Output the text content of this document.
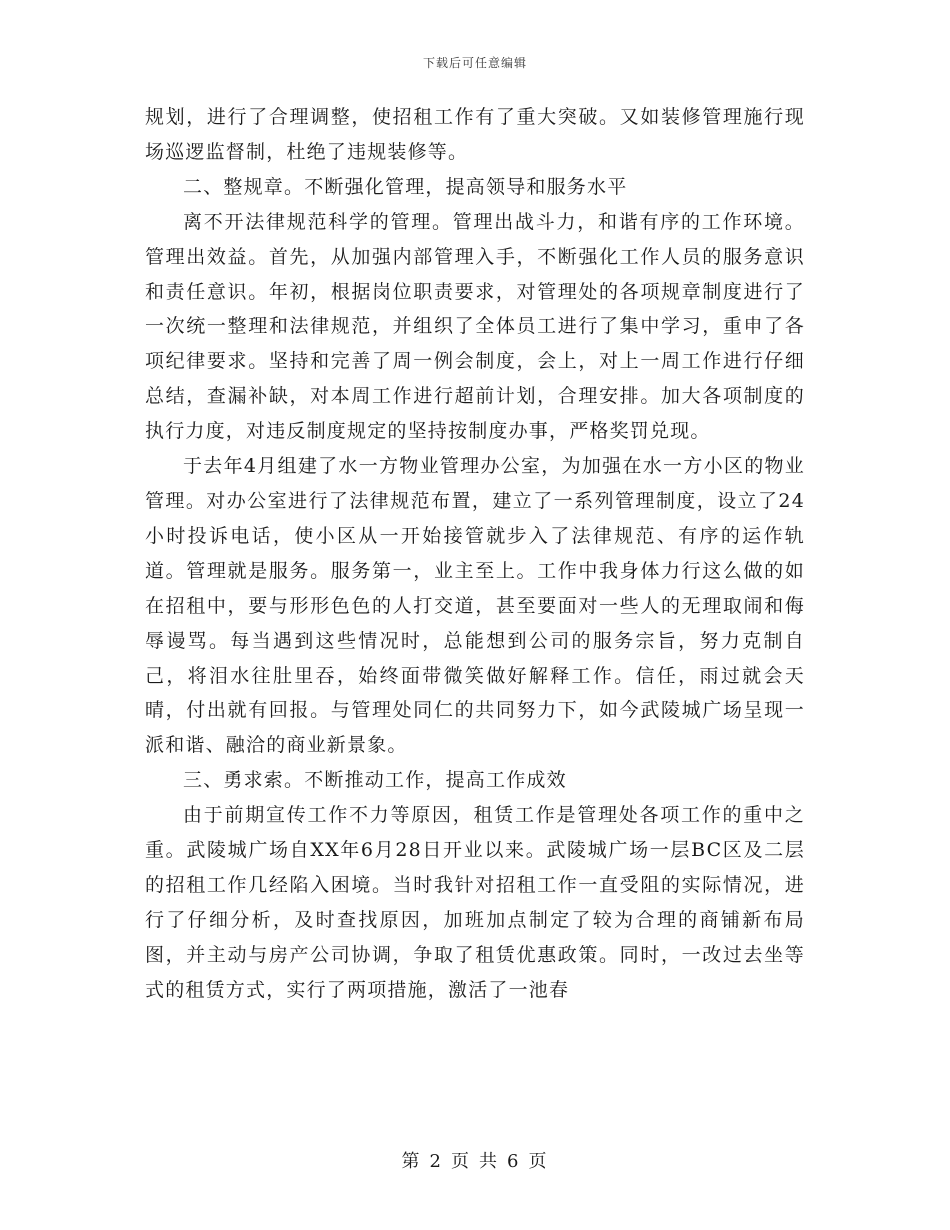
下载后可任意编辑

规划，进行了合理调整，使招租工作有了重大突破。又如装修管理施行现场巡逻监督制，杜绝了违规装修等。

二、整规章。不断强化管理，提高领导和服务水平

离不开法律规范科学的管理。管理出战斗力，和谐有序的工作环境。管理出效益。首先，从加强内部管理入手，不断强化工作人员的服务意识和责任意识。年初，根据岗位职责要求，对管理处的各项规章制度进行了一次统一整理和法律规范，并组织了全体员工进行了集中学习，重申了各项纪律要求。坚持和完善了周一例会制度，会上，对上一周工作进行仔细总结，查漏补缺，对本周工作进行超前计划，合理安排。加大各项制度的执行力度，对违反制度规定的坚持按制度办事，严格奖罚兑现。

于去年4月组建了水一方物业管理办公室，为加强在水一方小区的物业管理。对办公室进行了法律规范布置，建立了一系列管理制度，设立了24小时投诉电话，使小区从一开始接管就步入了法律规范、有序的运作轨道。管理就是服务。服务第一，业主至上。工作中我身体力行这么做的如在招租中，要与形形色色的人打交道，甚至要面对一些人的无理取闹和侮辱谩骂。每当遇到这些情况时，总能想到公司的服务宗旨，努力克制自己，将泪水往肚里吞，始终面带微笑做好解释工作。信任，雨过就会天晴，付出就有回报。与管理处同仁的共同努力下，如今武陵城广场呈现一派和谐、融洽的商业新景象。

三、勇求索。不断推动工作，提高工作成效

由于前期宣传工作不力等原因，租赁工作是管理处各项工作的重中之重。武陵城广场自XX年6月28日开业以来。武陵城广场一层BC区及二层的招租工作几经陷入困境。当时我针对招租工作一直受阻的实际情况，进行了仔细分析，及时查找原因，加班加点制定了较为合理的商铺新布局图，并主动与房产公司协调，争取了租赁优惠政策。同时，一改过去坐等式的租赁方式，实行了两项措施，激活了一池春

第 2 页 共 6 页
